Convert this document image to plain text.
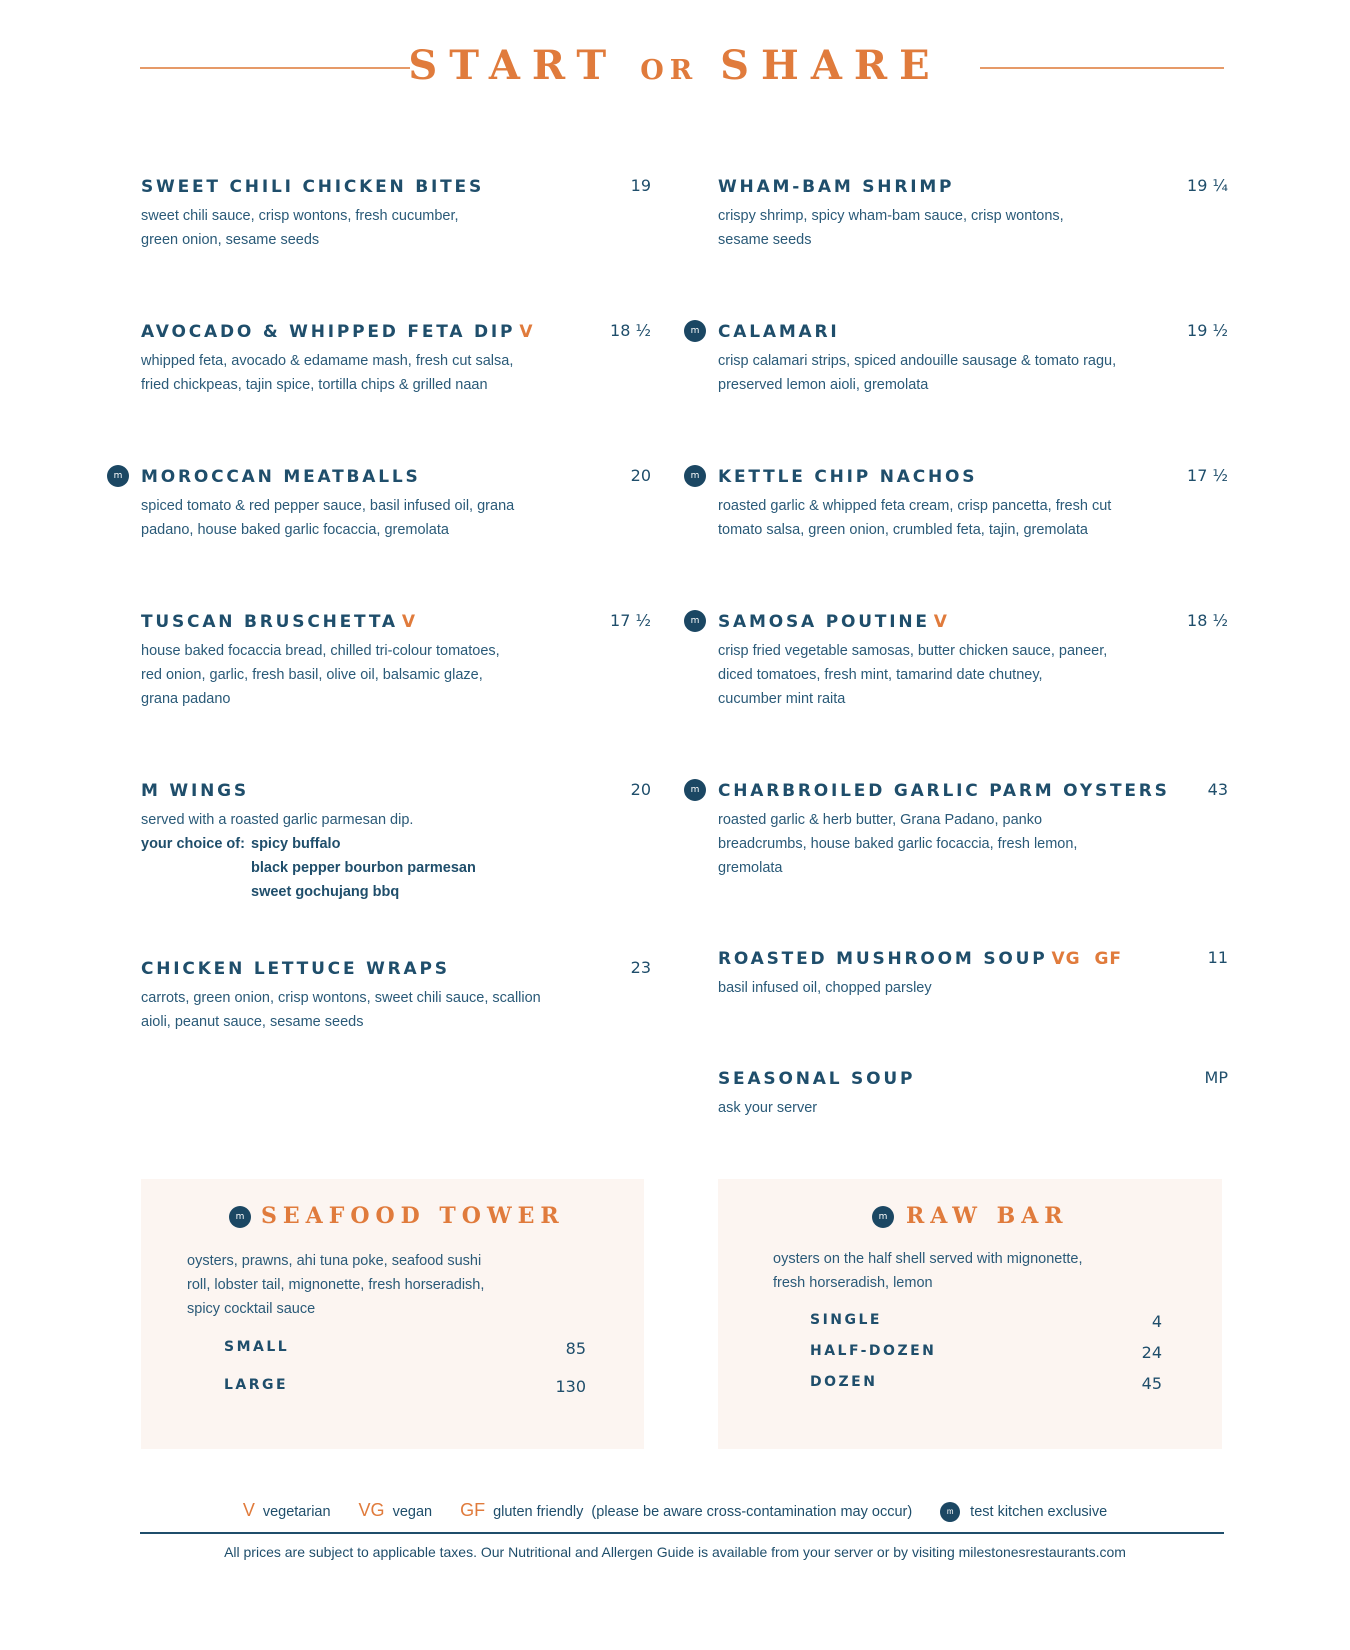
START OR SHARE
SWEET CHILI CHICKEN BITES	19
sweet chili sauce, crisp wontons, fresh cucumber,
green onion, sesame seeds
AVOCADO & WHIPPED FETA DIP V	18 ½
whipped feta, avocado & edamame mash, fresh cut salsa,
fried chickpeas, tajin spice, tortilla chips & grilled naan
m	MOROCCAN MEATBALLS	20
spiced tomato & red pepper sauce, basil infused oil, grana
padano, house baked garlic focaccia, gremolata
TUSCAN BRUSCHETTA V	17 ½
house baked focaccia bread, chilled tri-colour tomatoes,
red onion, garlic, fresh basil, olive oil, balsamic glaze,
grana padano
M WINGS	20
served with a roasted garlic parmesan dip.
your choice of: spicy buffalo
black pepper bourbon parmesan
sweet gochujang bbq
CHICKEN LETTUCE WRAPS	23
carrots, green onion, crisp wontons, sweet chili sauce, scallion
aioli, peanut sauce, sesame seeds
WHAM-BAM SHRIMP	19 ¼
crispy shrimp, spicy wham-bam sauce, crisp wontons,
sesame seeds
m	CALAMARI	19 ½
crisp calamari strips, spiced andouille sausage & tomato ragu,
preserved lemon aioli, gremolata
m	KETTLE CHIP NACHOS	17 ½
roasted garlic & whipped feta cream, crisp pancetta, fresh cut
tomato salsa, green onion, crumbled feta, tajin, gremolata
m	SAMOSA POUTINE V	18 ½
crisp fried vegetable samosas, butter chicken sauce, paneer,
diced tomatoes, fresh mint, tamarind date chutney,
cucumber mint raita
m	CHARBROILED GARLIC PARM OYSTERS	43
roasted garlic & herb butter, Grana Padano, panko
breadcrumbs, house baked garlic focaccia, fresh lemon,
gremolata
ROASTED MUSHROOM SOUP VG  GF	11
basil infused oil, chopped parsley
SEASONAL SOUP	MP
ask your server
m SEAFOOD TOWER
oysters, prawns, ahi tuna poke, seafood sushi
roll, lobster tail, mignonette, fresh horseradish,
spicy cocktail sauce
SMALL	85
LARGE	130
m RAW BAR
oysters on the half shell served with mignonette,
fresh horseradish, lemon
SINGLE	4
HALF-DOZEN	24
DOZEN	45
V vegetarian VG vegan GF gluten friendly (please be aware cross-contamination may occur)	m test kitchen exclusive
All prices are subject to applicable taxes. Our Nutritional and Allergen Guide is available from your server or by visiting milestonesrestaurants.com
